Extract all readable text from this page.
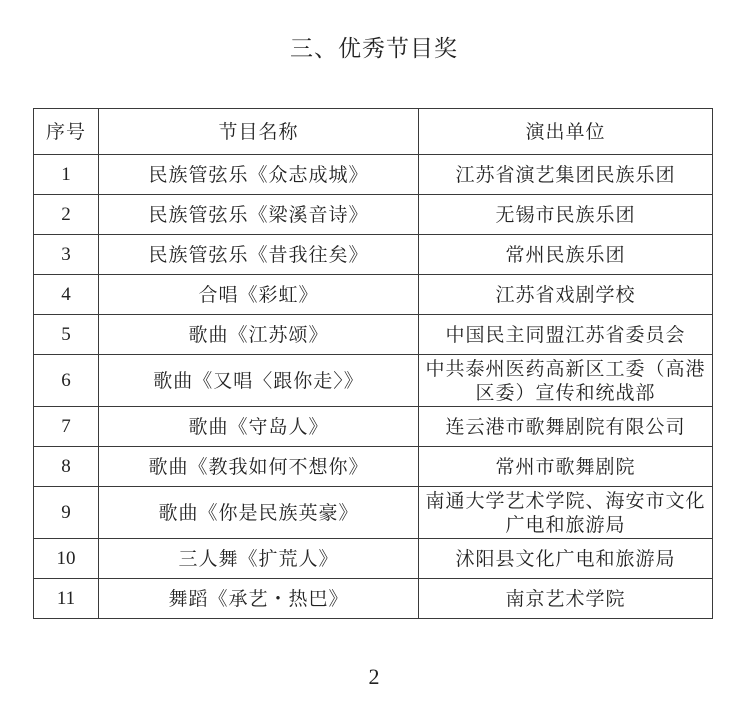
三、优秀节目奖
序号	节目名称	演出单位
1	民族管弦乐《众志成城》	江苏省演艺集团民族乐团
2	民族管弦乐《梁溪音诗》	无锡市民族乐团
3	民族管弦乐《昔我往矣》	常州民族乐团
4	合唱《彩虹》	江苏省戏剧学校
5	歌曲《江苏颂》	中国民主同盟江苏省委员会
6	歌曲《又唱〈跟你走〉》	中共泰州医药高新区工委（高港区委）宣传和统战部
7	歌曲《守岛人》	连云港市歌舞剧院有限公司
8	歌曲《教我如何不想你》	常州市歌舞剧院
9	歌曲《你是民族英豪》	南通大学艺术学院、海安市文化广电和旅游局
10	三人舞《扩荒人》	沭阳县文化广电和旅游局
11	舞蹈《承艺・热巴》	南京艺术学院
2
